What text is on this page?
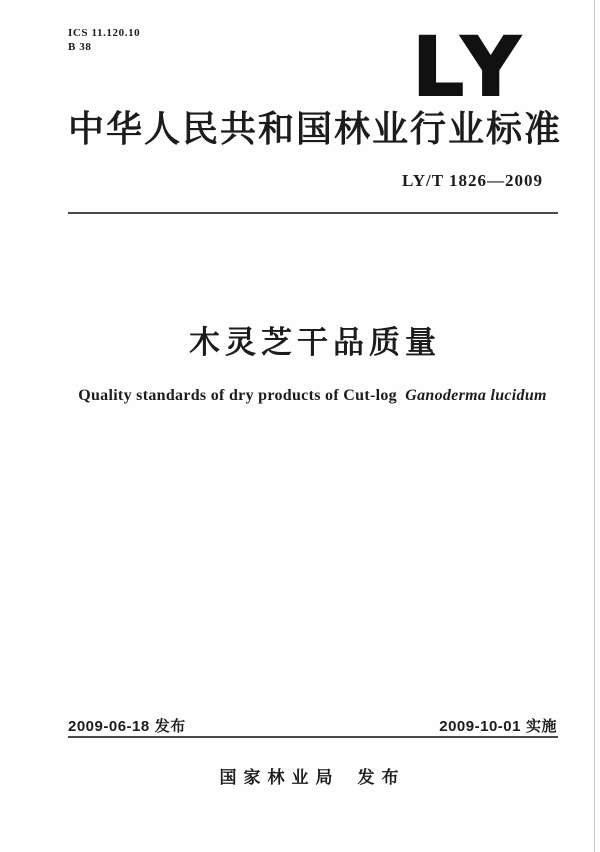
ICS 11.120.10
B 38	LY
中华人民共和国林业行业标准
LY/T 1826—2009
木灵芝干品质量
Quality standards of dry products of Cut-log Ganoderma lucidum
2009-06-18 发布	2009-10-01 实施
国家林业局 发布
